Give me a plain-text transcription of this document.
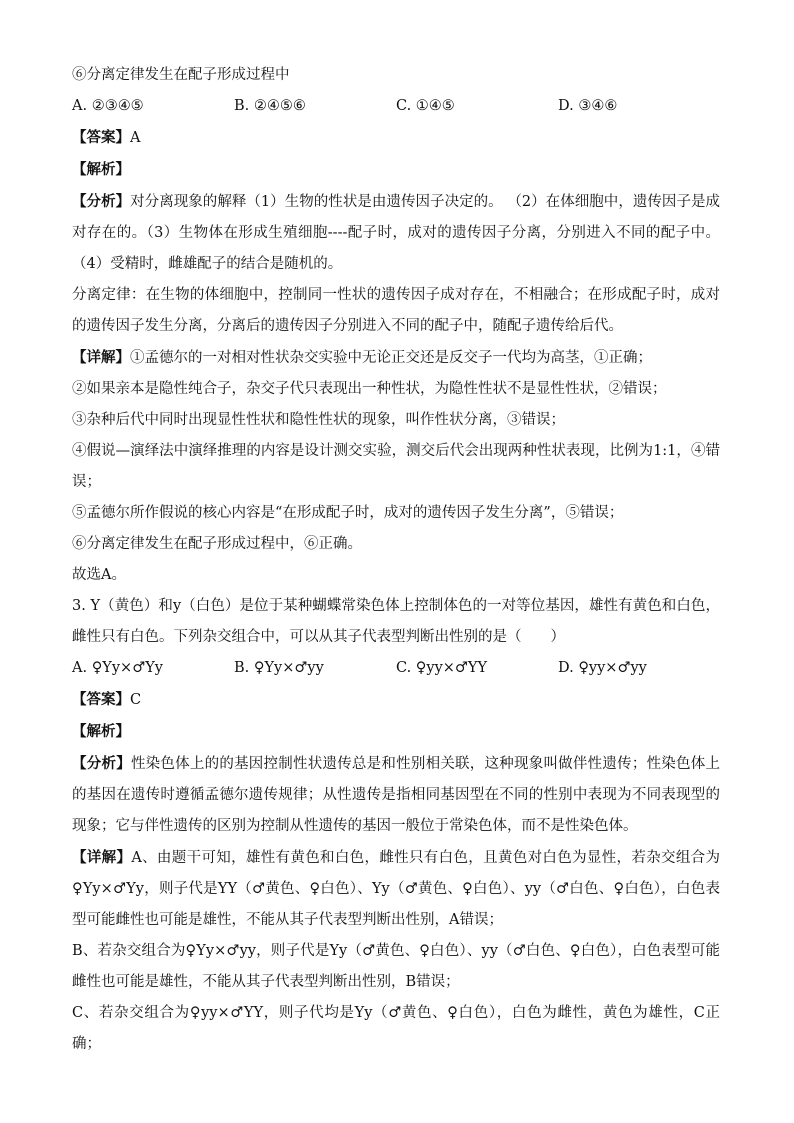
⑥分离定律发生在配子形成过程中
A. ②③④⑤	B. ②④⑤⑥	C. ①④⑤	D. ③④⑥
【答案】A
【解析】
【分析】对分离现象的解释（1）生物的性状是由遗传因子决定的。 （2）在体细胞中，遗传因子是成对存在的。（3）生物体在形成生殖细胞----配子时，成对的遗传因子分离，分别进入不同的配子中。（4）受精时，雌雄配子的结合是随机的。
分离定律：在生物的体细胞中，控制同一性状的遗传因子成对存在，不相融合；在形成配子时，成对的遗传因子发生分离，分离后的遗传因子分别进入不同的配子中，随配子遗传给后代。
【详解】①孟德尔的一对相对性状杂交实验中无论正交还是反交子一代均为高茎，①正确；
②如果亲本是隐性纯合子，杂交子代只表现出一种性状，为隐性性状不是显性性状，②错误；
③杂种后代中同时出现显性性状和隐性性状的现象，叫作性状分离，③错误；
④假说—演绎法中演绎推理的内容是设计测交实验，测交后代会出现两种性状表现，比例为1:1，④错误；
⑤孟德尔所作假说的核心内容是“在形成配子时，成对的遗传因子发生分离”，⑤错误；
⑥分离定律发生在配子形成过程中，⑥正确。
故选A。
3. Y（黄色）和y（白色）是位于某种蝴蝶常染色体上控制体色的一对等位基因，雄性有黄色和白色，雌性只有白色。下列杂交组合中，可以从其子代表型判断出性别的是（　　）
A. ♀Yy×♂Yy	B. ♀Yy×♂yy	C. ♀yy×♂YY	D. ♀yy×♂yy
【答案】C
【解析】
【分析】性染色体上的的基因控制性状遗传总是和性别相关联，这种现象叫做伴性遗传；性染色体上的基因在遗传时遵循孟德尔遗传规律；从性遗传是指相同基因型在不同的性别中表现为不同表现型的现象；它与伴性遗传的区别为控制从性遗传的基因一般位于常染色体，而不是性染色体。
【详解】A、由题干可知，雄性有黄色和白色，雌性只有白色，且黄色对白色为显性，若杂交组合为♀Yy×♂Yy，则子代是YY（♂黄色、♀白色）、Yy（♂黄色、♀白色）、yy（♂白色、♀白色），白色表型可能雌性也可能是雄性，不能从其子代表型判断出性别，A错误；
B、若杂交组合为♀Yy×♂yy，则子代是Yy（♂黄色、♀白色）、yy（♂白色、♀白色），白色表型可能雌性也可能是雄性，不能从其子代表型判断出性别，B错误；
C、若杂交组合为♀yy×♂YY，则子代均是Yy（♂黄色、♀白色），白色为雌性，黄色为雄性，C正确；
